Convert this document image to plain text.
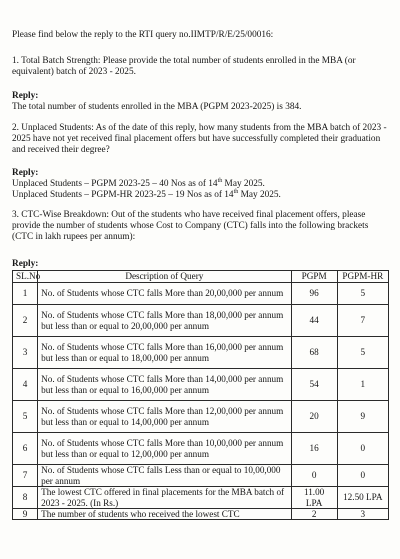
Please find below the reply to the RTI query no.IIMTP/R/E/25/00016:

1. Total Batch Strength: Please provide the total number of students enrolled in the MBA (or equivalent) batch of 2023 - 2025.

Reply:
The total number of students enrolled in the MBA (PGPM 2023-2025) is 384.

2. Unplaced Students: As of the date of this reply, how many students from the MBA batch of 2023 - 2025 have not yet received final placement offers but have successfully completed their graduation and received their degree?

Reply:
Unplaced Students – PGPM 2023-25 – 40 Nos as of 14th May 2025.
Unplaced Students – PGPM-HR 2023-25 – 19 Nos as of 14th May 2025.

3. CTC-Wise Breakdown: Out of the students who have received final placement offers, please provide the number of students whose Cost to Company (CTC) falls into the following brackets (CTC in lakh rupees per annum):

Reply:
SL.No	Description of Query	PGPM	PGPM-HR
1	No. of Students whose CTC falls More than 20,00,000 per annum	96	5
2	No. of Students whose CTC falls More than 18,00,000 per annum but less than or equal to 20,00,000 per annum	44	7
3	No. of Students whose CTC falls More than 16,00,000 per annum but less than or equal to 18,00,000 per annum	68	5
4	No. of Students whose CTC falls More than 14,00,000 per annum but less than or equal to 16,00,000 per annum	54	1
5	No. of Students whose CTC falls More than 12,00,000 per annum but less than or equal to 14,00,000 per annum	20	9
6	No. of Students whose CTC falls More than 10,00,000 per annum but less than or equal to 12,00,000 per annum	16	0
7	No. of Students whose CTC falls Less than or equal to 10,00,000 per annum	0	0
8	The lowest CTC offered in final placements for the MBA batch of 2023 - 2025. (In Rs.)	11.00 LPA	12.50 LPA
9	The number of students who received the lowest CTC	2	3
